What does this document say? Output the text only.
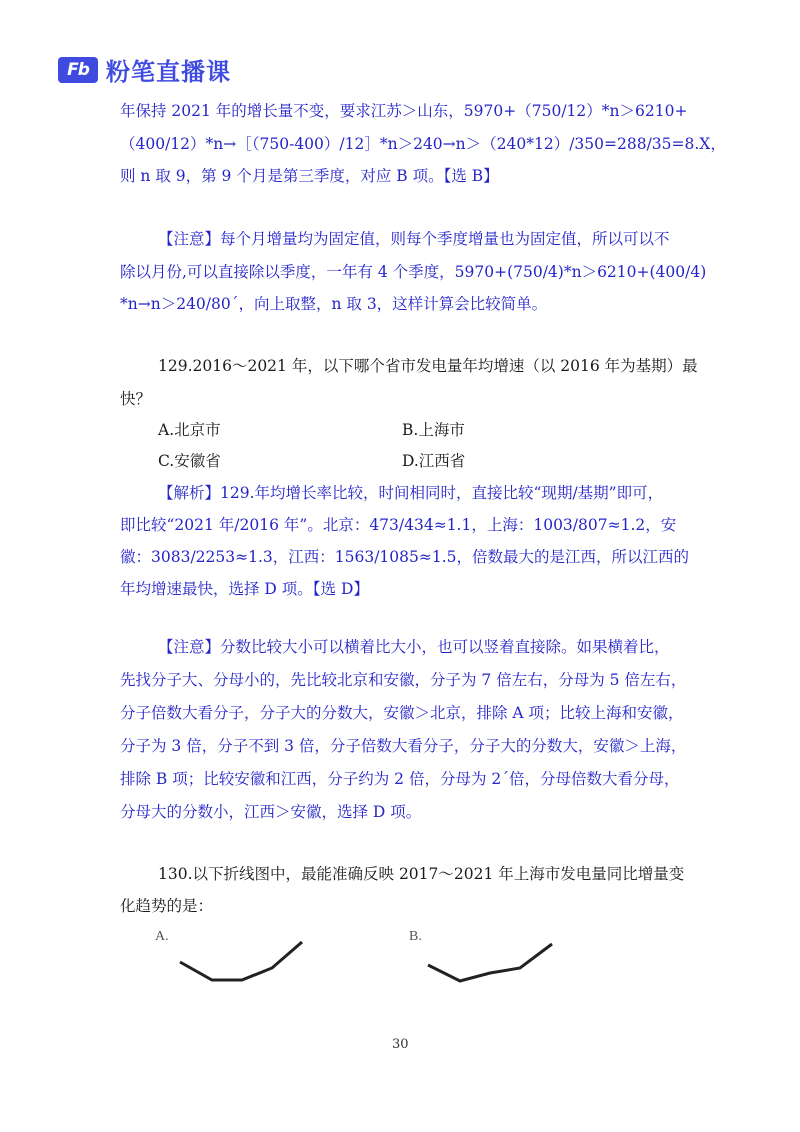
Fb 粉笔直播课
年保持 2021 年的增长量不变，要求江苏＞山东，5970+（750/12）*n＞6210+
（400/12）*n→［（750-400）/12］*n＞240→n＞（240*12）/350=288/35=8.X，
则 n 取 9，第 9 个月是第三季度，对应 B 项。【选 B】
【注意】每个月增量均为固定值，则每个季度增量也为固定值，所以可以不
除以月份,可以直接除以季度，一年有 4 个季度，5970+(750/4)*n＞6210+(400/4)
*n→n＞240/80ˊ，向上取整，n 取 3，这样计算会比较简单。
129.2016～2021 年，以下哪个省市发电量年均增速（以 2016 年为基期）最
快？
A.北京市	B.上海市
C.安徽省	D.江西省
【解析】129.年均增长率比较，时间相同时，直接比较“现期/基期”即可，
即比较“2021 年/2016 年”。北京：473/434≈1.1，上海：1003/807≈1.2，安
徽：3083/2253≈1.3，江西：1563/1085≈1.5，倍数最大的是江西，所以江西的
年均增速最快，选择 D 项。【选 D】
【注意】分数比较大小可以横着比大小，也可以竖着直接除。如果横着比，
先找分子大、分母小的，先比较北京和安徽，分子为 7 倍左右，分母为 5 倍左右，
分子倍数大看分子，分子大的分数大，安徽＞北京，排除 A 项；比较上海和安徽，
分子为 3 倍，分子不到 3 倍，分子倍数大看分子，分子大的分数大，安徽＞上海，
排除 B 项；比较安徽和江西，分子约为 2 倍，分母为 2ˊ倍，分母倍数大看分母，
分母大的分数小，江西＞安徽，选择 D 项。
130.以下折线图中，最能准确反映 2017～2021 年上海市发电量同比增量变
化趋势的是：
A.	B.
30
